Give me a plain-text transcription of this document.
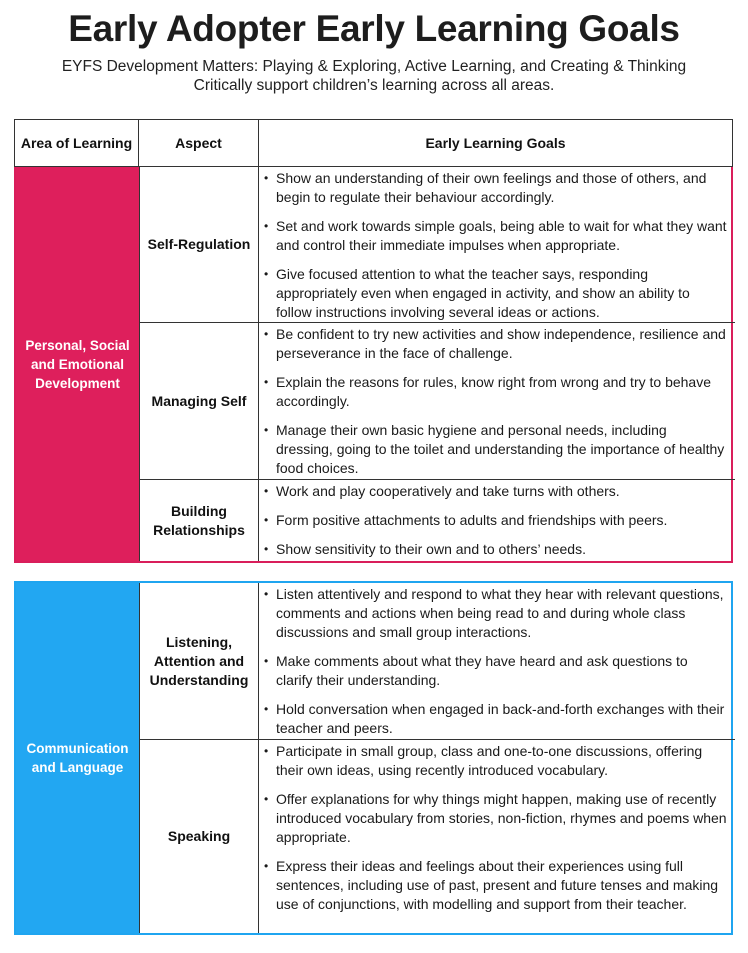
Early Adopter Early Learning Goals
EYFS Development Matters: Playing & Exploring, Active Learning, and Creating & Thinking Critically support children’s learning across all areas.
Area of Learning	Aspect	Early Learning Goals
Personal, Social and Emotional Development
Self-Regulation
• Show an understanding of their own feelings and those of others, and begin to regulate their behaviour accordingly.
• Set and work towards simple goals, being able to wait for what they want and control their immediate impulses when appropriate.
• Give focused attention to what the teacher says, responding appropriately even when engaged in activity, and show an ability to follow instructions involving several ideas or actions.
Managing Self
• Be confident to try new activities and show independence, resilience and perseverance in the face of challenge.
• Explain the reasons for rules, know right from wrong and try to behave accordingly.
• Manage their own basic hygiene and personal needs, including dressing, going to the toilet and understanding the importance of healthy food choices.
Building Relationships
• Work and play cooperatively and take turns with others.
• Form positive attachments to adults and friendships with peers.
• Show sensitivity to their own and to others’ needs.
Communication and Language
Listening, Attention and Understanding
• Listen attentively and respond to what they hear with relevant questions, comments and actions when being read to and during whole class discussions and small group interactions.
• Make comments about what they have heard and ask questions to clarify their understanding.
• Hold conversation when engaged in back-and-forth exchanges with their teacher and peers.
Speaking
• Participate in small group, class and one-to-one discussions, offering their own ideas, using recently introduced vocabulary.
• Offer explanations for why things might happen, making use of recently introduced vocabulary from stories, non-fiction, rhymes and poems when appropriate.
• Express their ideas and feelings about their experiences using full sentences, including use of past, present and future tenses and making use of conjunctions, with modelling and support from their teacher.
